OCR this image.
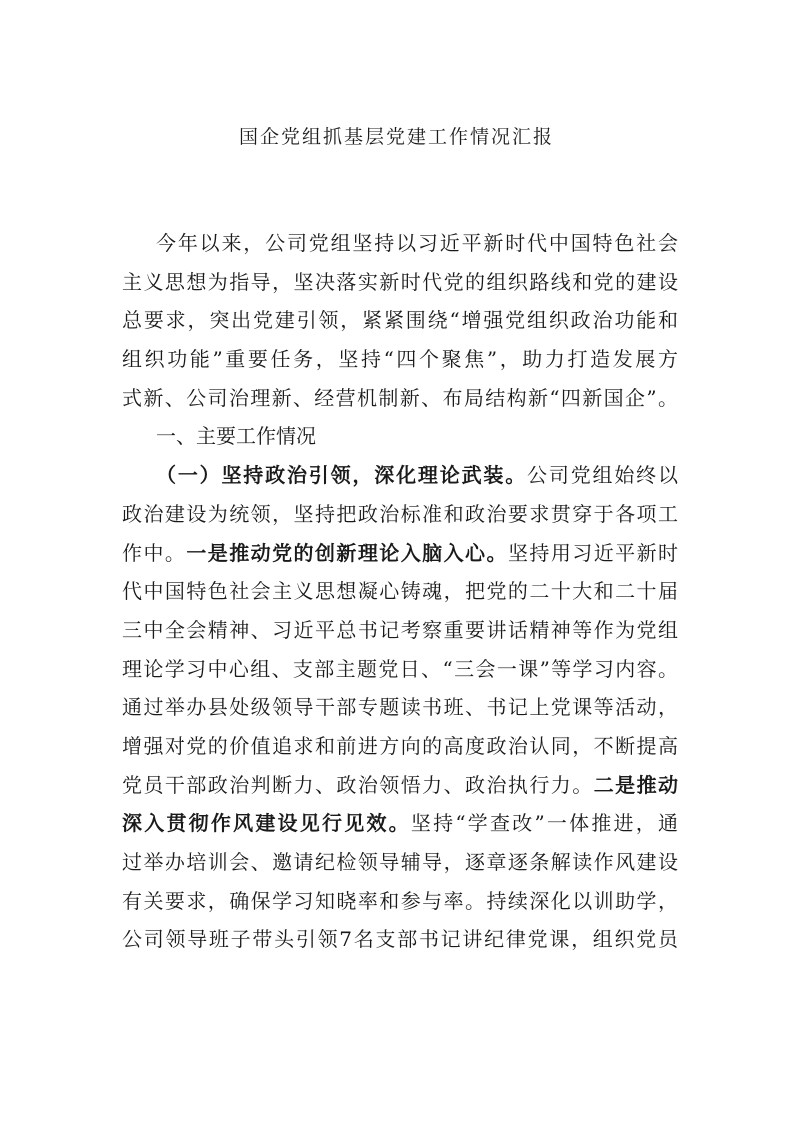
国企党组抓基层党建工作情况汇报
今年以来，公司党组坚持以习近平新时代中国特色社会
主义思想为指导，坚决落实新时代党的组织路线和党的建设
总要求，突出党建引领，紧紧围绕“增强党组织政治功能和
组织功能”重要任务，坚持“四个聚焦”，助力打造发展方
式新、公司治理新、经营机制新、布局结构新“四新国企”。
一、主要工作情况
（一）坚持政治引领，深化理论武装。公司党组始终以
政治建设为统领，坚持把政治标准和政治要求贯穿于各项工
作中。一是推动党的创新理论入脑入心。坚持用习近平新时
代中国特色社会主义思想凝心铸魂，把党的二十大和二十届
三中全会精神、习近平总书记考察重要讲话精神等作为党组
理论学习中心组、支部主题党日、“三会一课”等学习内容。
通过举办县处级领导干部专题读书班、书记上党课等活动，
增强对党的价值追求和前进方向的高度政治认同，不断提高
党员干部政治判断力、政治领悟力、政治执行力。二是推动
深入贯彻作风建设见行见效。坚持“学查改”一体推进，通
过举办培训会、邀请纪检领导辅导，逐章逐条解读作风建设
有关要求，确保学习知晓率和参与率。持续深化以训助学，
公司领导班子带头引领7名支部书记讲纪律党课，组织党员
